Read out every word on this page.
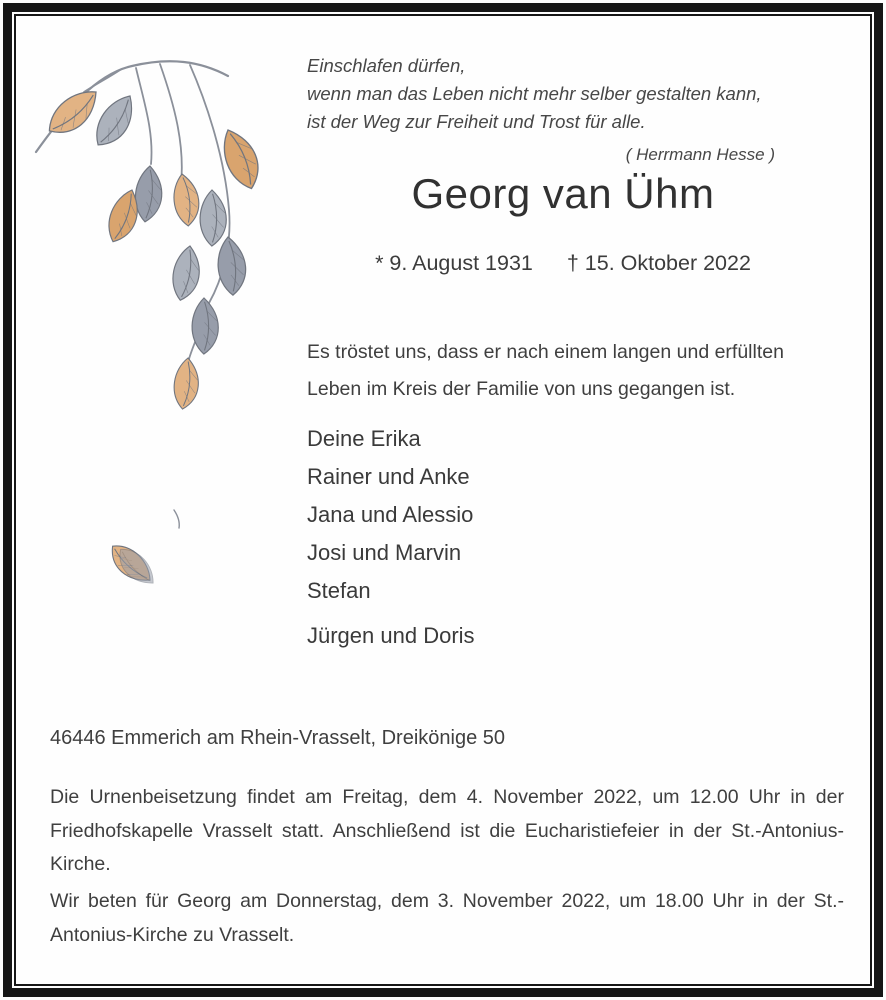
Einschlafen dürfen,
wenn man das Leben nicht mehr selber gestalten kann,
ist der Weg zur Freiheit und Trost für alle.
( Herrmann Hesse )
Georg van Ühm
* 9. August 1931 † 15. Oktober 2022
Es tröstet uns, dass er nach einem langen und erfüllten Leben im Kreis der Familie von uns gegangen ist.
Deine Erika
Rainer und Anke
Jana und Alessio
Josi und Marvin
Stefan
Jürgen und Doris
46446 Emmerich am Rhein-Vrasselt, Dreikönige 50
Die Urnenbeisetzung findet am Freitag, dem 4. November 2022, um 12.00 Uhr in der Friedhofskapelle Vrasselt statt. Anschließend ist die Eucharistiefeier in der St.-Antonius-Kirche.
Wir beten für Georg am Donnerstag, dem 3. November 2022, um 18.00 Uhr in der St.-Antonius-Kirche zu Vrasselt.
